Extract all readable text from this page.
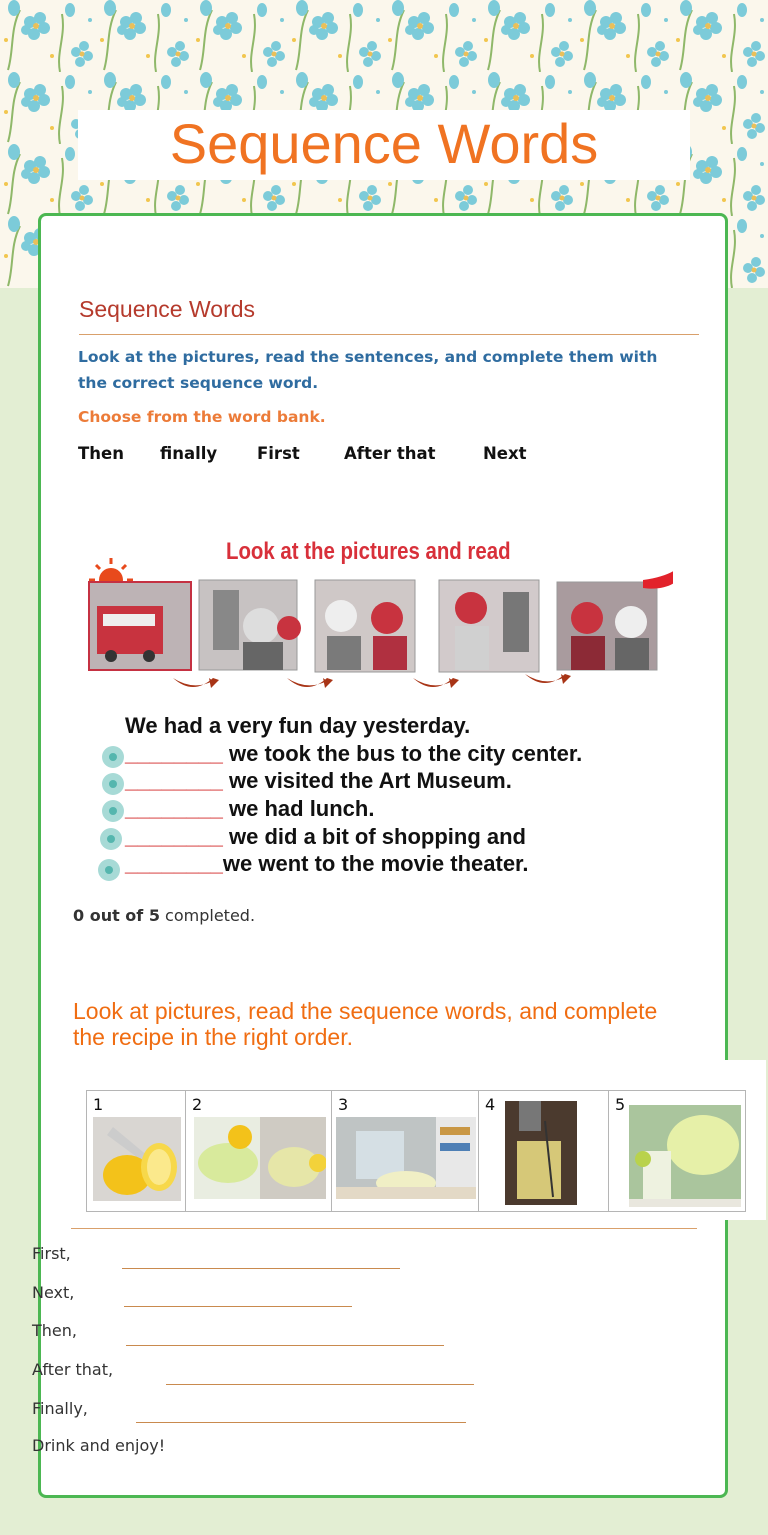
Sequence Words
Sequence Words
Look at the pictures, read the sentences, and complete them with the correct sequence word.
Choose from the word bank.
Then finally First	After that	Next
Look at the pictures and read
We had a very fun day yesterday.
________ we took the bus to the city center.
________ we visited the Art Museum.
________ we had lunch.
________ we did a bit of shopping and
________we went to the movie theater.
0 out of 5 completed.
Look at pictures, read the sequence words, and complete the recipe in the right order.
1	2	3	4	5
First,
Next,
Then,
After that,
Finally,
Drink and enjoy!
